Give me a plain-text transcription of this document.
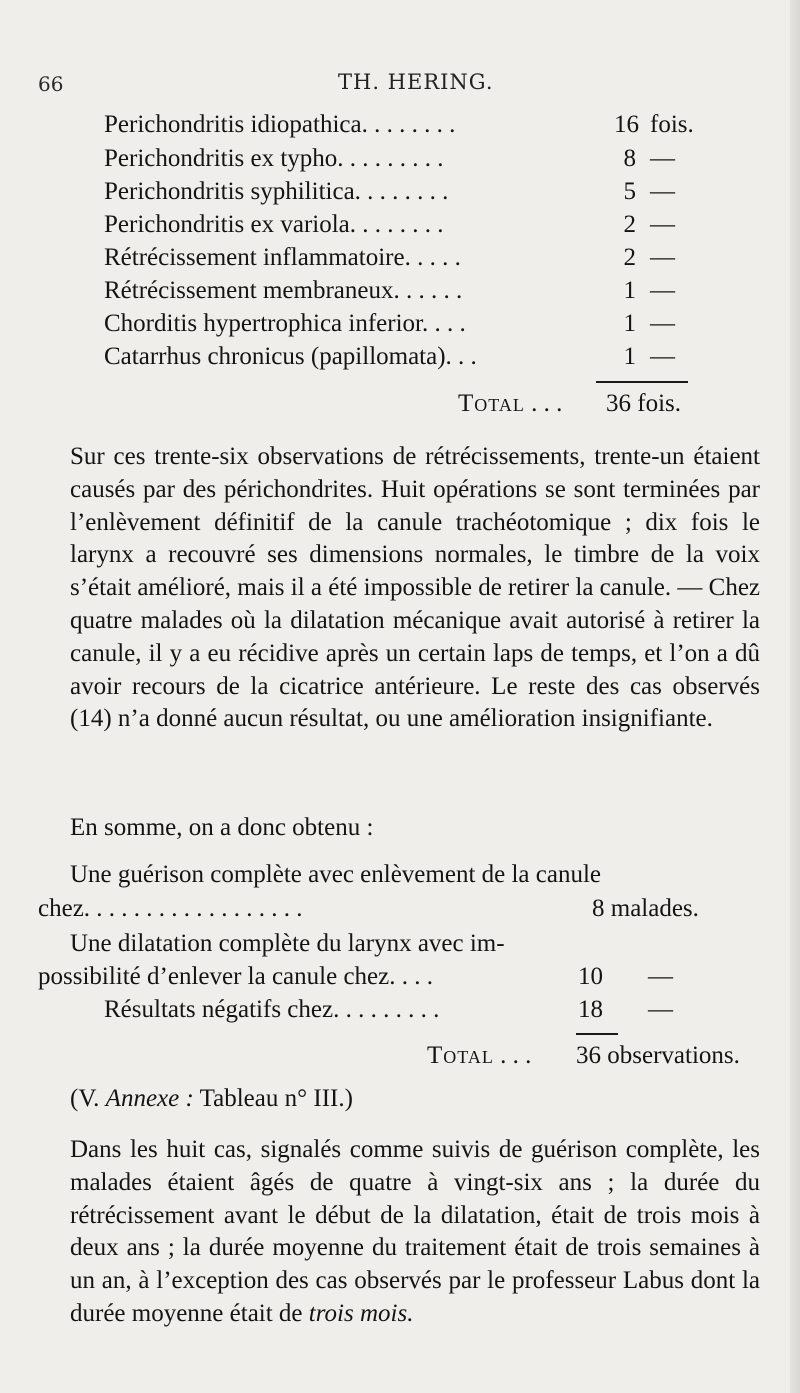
66	TH. HERING.
Perichondritis idiopathica. . . . . . . .	16 fois.
Perichondritis ex typho. . . . . . . . .	8 —
Perichondritis syphilitica. . . . . . . .	5 —
Perichondritis ex variola. . . . . . . .	2 —
Rétrécissement inflammatoire. . . . .	2 —
Rétrécissement membraneux. . . . . .	1 —
Chorditis hypertrophica inferior. . . .	1 —
Catarrhus chronicus (papillomata). . .	1 —
Total . . . 36 fois.
Sur ces trente-six observations de rétrécissements, trente-un étaient causés par des périchondrites. Huit opérations se sont terminées par l’enlèvement définitif de la canule trachéotomique ; dix fois le larynx a recouvré ses dimensions normales, le timbre de la voix s’était amélioré, mais il a été impossible de retirer la canule. — Chez quatre malades où la dilatation mécanique avait autorisé à retirer la canule, il y a eu récidive après un certain laps de temps, et l’on a dû avoir recours de la cicatrice antérieure. Le reste des cas observés (14) n’a donné aucun résultat, ou une amélioration insignifiante.
En somme, on a donc obtenu :
Une guérison complète avec enlèvement de la canule
chez. . . . . . . . . . . . . . . . . .	8 malades.
Une dilatation complète du larynx avec im-
possibilité d’enlever la canule chez. . . .	10 —
Résultats négatifs chez. . . . . . . . .	18 —
Total . . . 36 observations.
(V. Annexe : Tableau n° III.)
Dans les huit cas, signalés comme suivis de guérison complète, les malades étaient âgés de quatre à vingt-six ans ; la durée du rétrécissement avant le début de la dilatation, était de trois mois à deux ans ; la durée moyenne du traitement était de trois semaines à un an, à l’exception des cas observés par le professeur Labus dont la durée moyenne était de trois mois.
